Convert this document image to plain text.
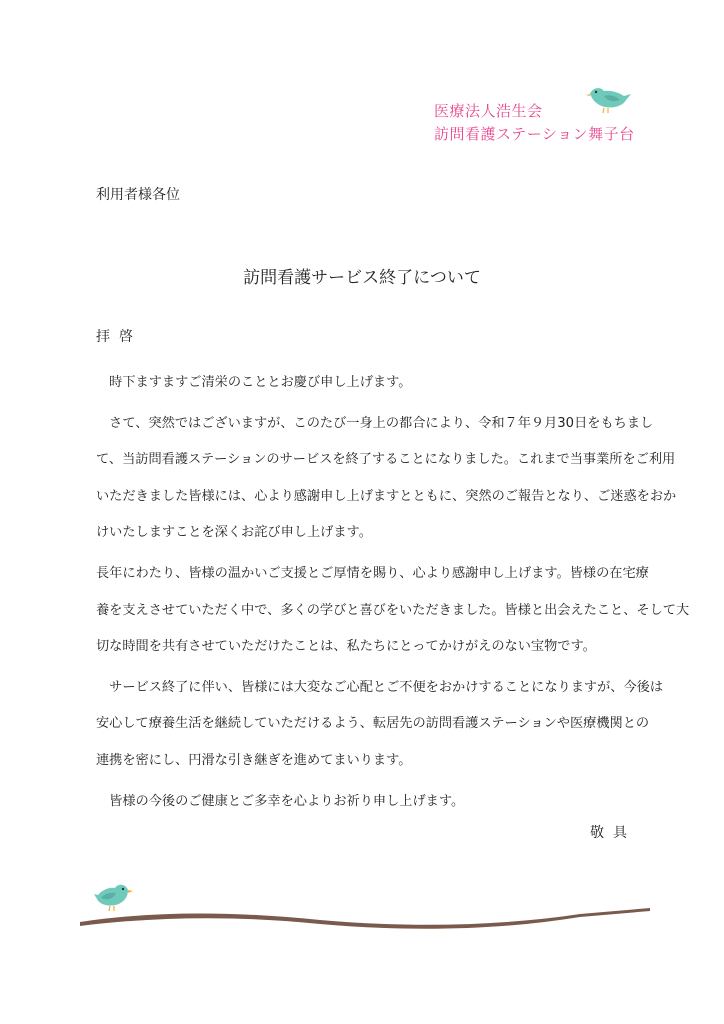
医療法人浩生会
訪問看護ステーション舞子台
利用者様各位
訪問看護サービス終了について
拝啓

　時下ますますご清栄のこととお慶び申し上げます。

　さて、突然ではございますが、このたび一身上の都合により、令和７年９月30日をもちまし
て、当訪問看護ステーションのサービスを終了することになりました。これまで当事業所をご利用
いただきました皆様には、心より感謝申し上げますとともに、突然のご報告となり、ご迷惑をおか
けいたしますことを深くお詫び申し上げます。

長年にわたり、皆様の温かいご支援とご厚情を賜り、心より感謝申し上げます。皆様の在宅療
養を支えさせていただく中で、多くの学びと喜びをいただきました。皆様と出会えたこと、そして大
切な時間を共有させていただけたことは、私たちにとってかけがえのない宝物です。

　サービス終了に伴い、皆様には大変なご心配とご不便をおかけすることになりますが、今後は
安心して療養生活を継続していただけるよう、転居先の訪問看護ステーションや医療機関との
連携を密にし、円滑な引き継ぎを進めてまいります。

　皆様の今後のご健康とご多幸を心よりお祈り申し上げます。

敬具
